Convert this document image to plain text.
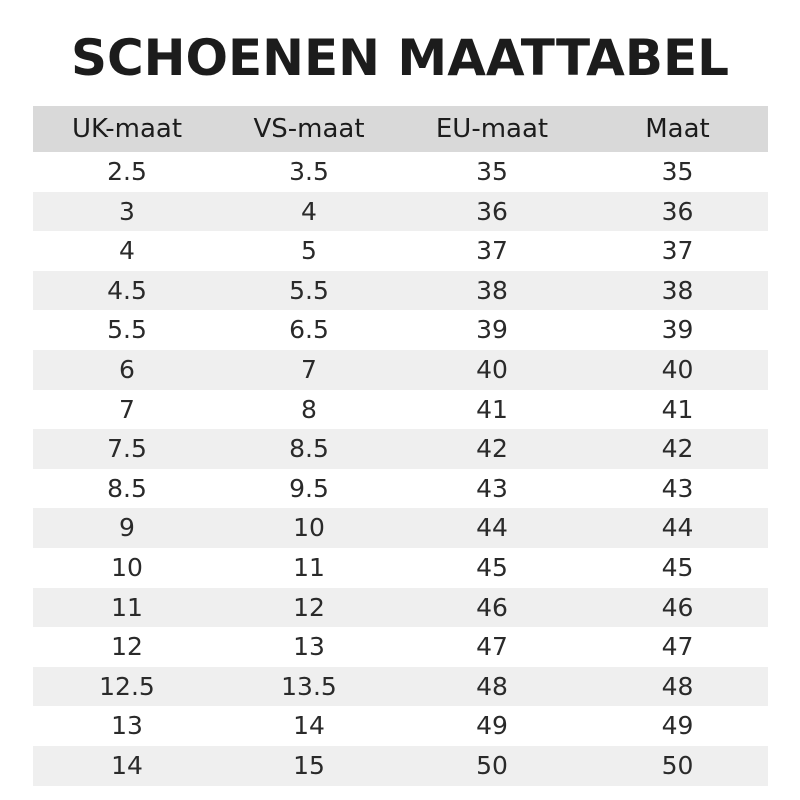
SCHOENEN MAATTABEL
UK-maat	VS-maat	EU-maat	Maat
2.5	3.5	35	35
3	4	36	36
4	5	37	37
4.5	5.5	38	38
5.5	6.5	39	39
6	7	40	40
7	8	41	41
7.5	8.5	42	42
8.5	9.5	43	43
9	10	44	44
10	11	45	45
11	12	46	46
12	13	47	47
12.5	13.5	48	48
13	14	49	49
14	15	50	50
